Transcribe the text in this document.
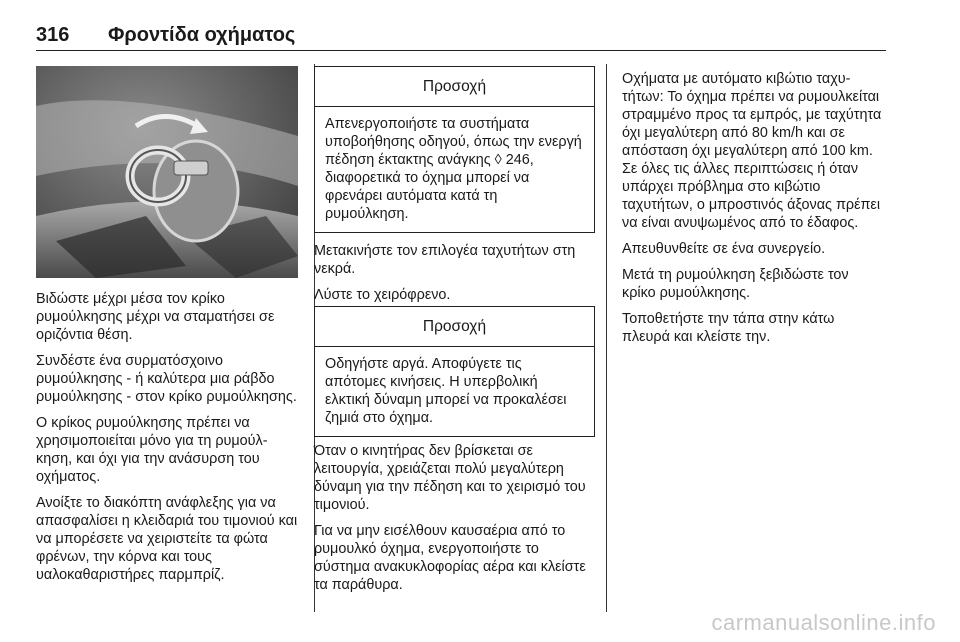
316 Φροντίδα οχήματος

Βιδώστε μέχρι μέσα τον κρίκο ρυμούλκησης μέχρι να σταματήσει σε οριζόντια θέση.

Συνδέστε ένα συρματόσχοινο ρυμούλκησης - ή καλύτερα μια ράβδο ρυμούλκησης - στον κρίκο ρυμούλκησης.

Ο κρίκος ρυμούλκησης πρέπει να χρησιμοποιείται μόνο για τη ρυμούλκηση, και όχι για την ανάσυρση του οχήματος.

Ανοίξτε το διακόπτη ανάφλεξης για να απασφαλίσει η κλειδαριά του τιμονιού και να μπορέσετε να χειριστείτε τα φώτα φρένων, την κόρνα και τους υαλοκαθαριστήρες παρμπρίζ.

Προσοχή
Απενεργοποιήστε τα συστήματα υποβοήθησης οδηγού, όπως την ενεργή πέδηση έκτακτης ανάγκης ◊ 246, διαφορετικά το όχημα μπορεί να φρενάρει αυτόματα κατά τη ρυμούλκηση.

Μετακινήστε τον επιλογέα ταχυτήτων στη νεκρά.

Λύστε το χειρόφρενο.

Προσοχή
Οδηγήστε αργά. Αποφύγετε τις απότομες κινήσεις. Η υπερβολική ελκτική δύναμη μπορεί να προκαλέσει ζημιά στο όχημα.

Όταν ο κινητήρας δεν βρίσκεται σε λειτουργία, χρειάζεται πολύ μεγαλύτερη δύναμη για την πέδηση και το χειρισμό του τιμονιού.

Για να μην εισέλθουν καυσαέρια από το ρυμουλκό όχημα, ενεργοποιήστε το σύστημα ανακυκλοφορίας αέρα και κλείστε τα παράθυρα.

Οχήματα με αυτόματο κιβώτιο ταχυτήτων: Το όχημα πρέπει να ρυμουλκείται στραμμένο προς τα εμπρός, με ταχύτητα όχι μεγαλύτερη από 80 km/h και σε απόσταση όχι μεγαλύτερη από 100 km. Σε όλες τις άλλες περιπτώσεις ή όταν υπάρχει πρόβλημα στο κιβώτιο ταχυτήτων, ο μπροστινός άξονας πρέπει να είναι ανυψωμένος από το έδαφος.

Απευθυνθείτε σε ένα συνεργείο.

Μετά τη ρυμούλκηση ξεβιδώστε τον κρίκο ρυμούλκησης.

Τοποθετήστε την τάπα στην κάτω πλευρά και κλείστε την.

carmanualsonline.info
